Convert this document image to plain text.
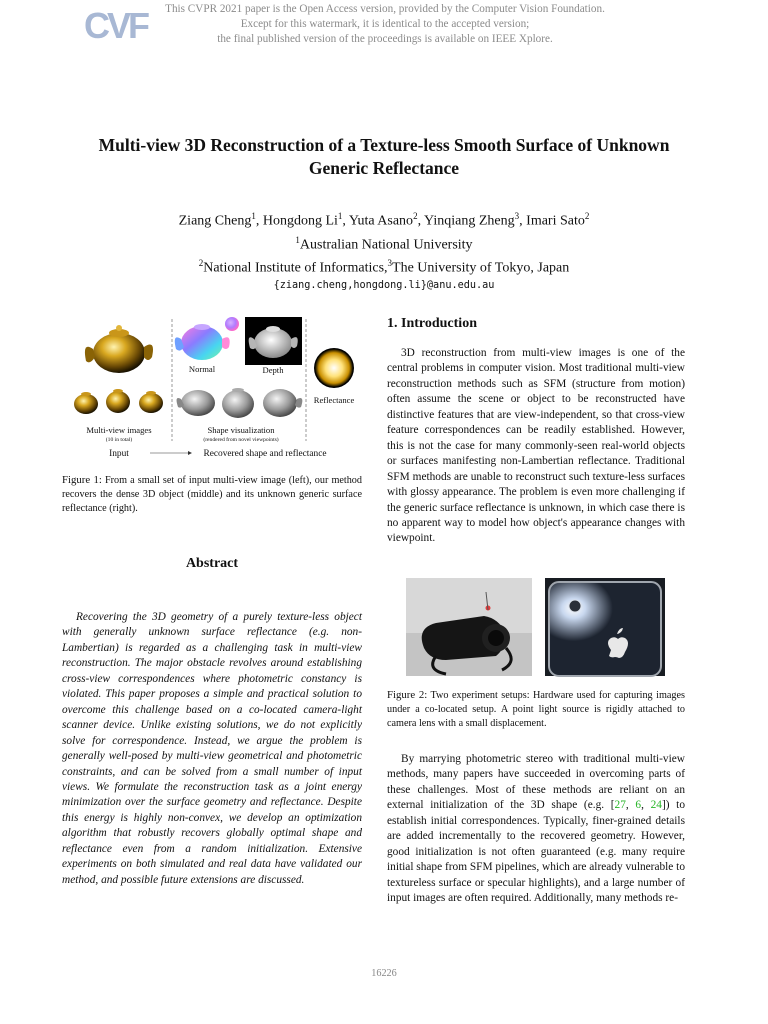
CVF	This CVPR 2021 paper is the Open Access version, provided by the Computer Vision Foundation.
Except for this watermark, it is identical to the accepted version;
the final published version of the proceedings is available on IEEE Xplore.
Multi-view 3D Reconstruction of a Texture-less Smooth Surface of Unknown
Generic Reflectance
Ziang Cheng$^1$, Hongdong Li$^1$, Yuta Asano$^2$, Yinqiang Zheng$^3$, Imari Sato$^2$
$^1$Australian National University
$^2$National Institute of Informatics,$^3$The University of Tokyo, Japan
{ziang.cheng,hongdong.li}@anu.edu.au
Normal	Depth
Reflectance
Multi-view images
(10 in total)
Shape visualization
(rendered from novel viewpoints)
Input	Recovered shape and reflectance
Figure 1: From a small set of input multi-view image (left), our method recovers the dense 3D object (middle) and its unknown generic surface reflectance (right).
Abstract
Recovering the 3D geometry of a purely texture-less object with generally unknown surface reflectance (e.g. non-Lambertian) is regarded as a challenging task in multi-view reconstruction. The major obstacle revolves around establishing cross-view correspondences where photometric constancy is violated. This paper proposes a simple and practical solution to overcome this challenge based on a co-located camera-light scanner device. Unlike existing solutions, we do not explicitly solve for correspondence. Instead, we argue the problem is generally well-posed by multi-view geometrical and photometric constraints, and can be solved from a small number of input views. We formulate the reconstruction task as a joint energy minimization over the surface geometry and reflectance. Despite this energy is highly non-convex, we develop an optimization algorithm that robustly recovers globally optimal shape and reflectance even from a random initialization. Extensive experiments on both simulated and real data have validated our method, and possible future extensions are discussed.
1. Introduction
3D reconstruction from multi-view images is one of the central problems in computer vision. Most traditional multi-view reconstruction methods such as SFM (structure from motion) often assume the scene or object to be reconstructed have distinctive features that are view-independent, so that cross-view feature correspondences can be readily established. However, this is not the case for many commonly-seen real-world objects or surfaces manifesting non-Lambertian reflectance. Traditional SFM methods are unable to reconstruct such texture-less surfaces with glossy appearance. The problem is even more challenging if the generic surface reflectance is unknown, in which case there is no apparent way to model how object's appearance changes with viewpoint.
Figure 2: Two experiment setups: Hardware used for capturing images under a co-located setup. A point light source is rigidly attached to camera lens with a small displacement.
By marrying photometric stereo with traditional multi-view methods, many papers have succeeded in overcoming parts of these challenges. Most of these methods are reliant on an external initialization of the 3D shape (e.g. [27, 6, 24]) to establish initial correspondences. Typically, finer-grained details are added incrementally to the recovered geometry. However, good initialization is not often guaranteed (e.g. many require initial shape from SFM pipelines, which are already vulnerable to textureless surface or specular highlights), and a large number of input images are often required. Additionally, many methods re-
16226
